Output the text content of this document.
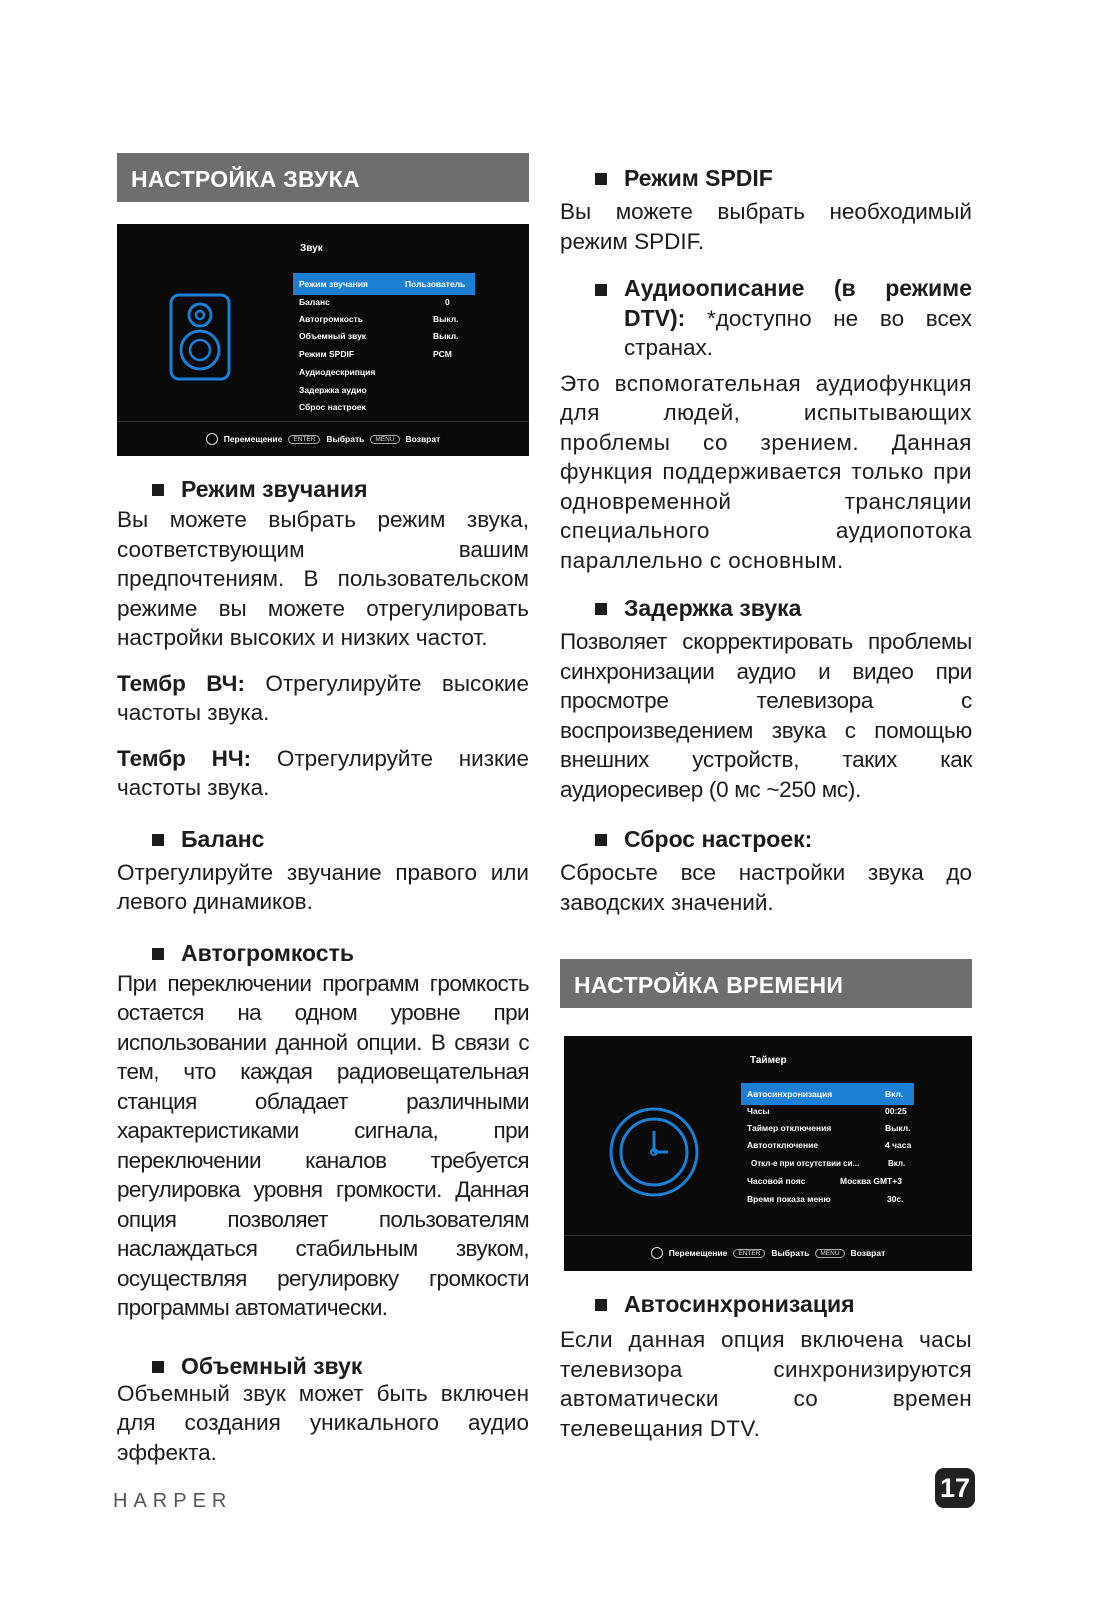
НАСТРОЙКА ЗВУКА
Звук
Режим звучания	Пользователь
Баланс	0
Автогромкость	Выкл.
Объемный звук	Выкл.
Режим SPDIF	PCM
Аудиодескрипция
Задержка аудио
Сброс настроек
Перемещение	ENTER	Выбрать	MENU	Возврат
Режим звучания

Вы можете выбрать режим звука, соответствующим вашим предпочтениям. В пользовательском режиме вы можете отрегулировать настройки высоких и низких частот.

Тембр ВЧ: Отрегулируйте высокие частоты звука.

Тембр НЧ: Отрегулируйте низкие частоты звука.

Баланс

Отрегулируйте звучание правого или левого динамиков.

Автогромкость

При переключении программ громкость остается на одном уровне при использовании данной опции. В связи с тем, что каждая радиовещательная станция обладает различными характеристиками сигнала, при переключении каналов требуется регулировка уровня громкости. Данная опция позволяет пользователям наслаждаться стабильным звуком, осуществляя регулировку громкости программы автоматически.

Объемный звук

Объемный звук может быть включен для создания уникального аудио эффекта.

Режим SPDIF

Вы можете выбрать необходимый режим SPDIF.

Аудиоописание (в режиме DTV): *доступно не во всех странах.

Это вспомогательная аудиофункция для людей, испытывающих проблемы со зрением. Данная функция поддерживается только при одновременной трансляции специального аудиопотока параллельно с основным.

Задержка звука

Позволяет скорректировать проблемы синхронизации аудио и видео при просмотре телевизора с воспроизведением звука с помощью внешних устройств, таких как аудиоресивер (0 мс ~250 мс).

Сброс настроек:

Сбросьте все настройки звука до заводских значений.

НАСТРОЙКА ВРЕМЕНИ
Таймер
Автосинхронизация	Вкл.
Часы	00:25
Таймер отключения	Выкл.
Автоотключение	4 часа
Откл-е при отсутствии си...	Вкл.
Часовой пояс	Москва GMT+3
Время показа меню	30с.
Перемещение	ENTER	Выбрать	MENU	Возврат
Автосинхронизация

Если данная опция включена часы телевизора синхронизируются автоматически со времен телевещания DTV.

HARPER	17
